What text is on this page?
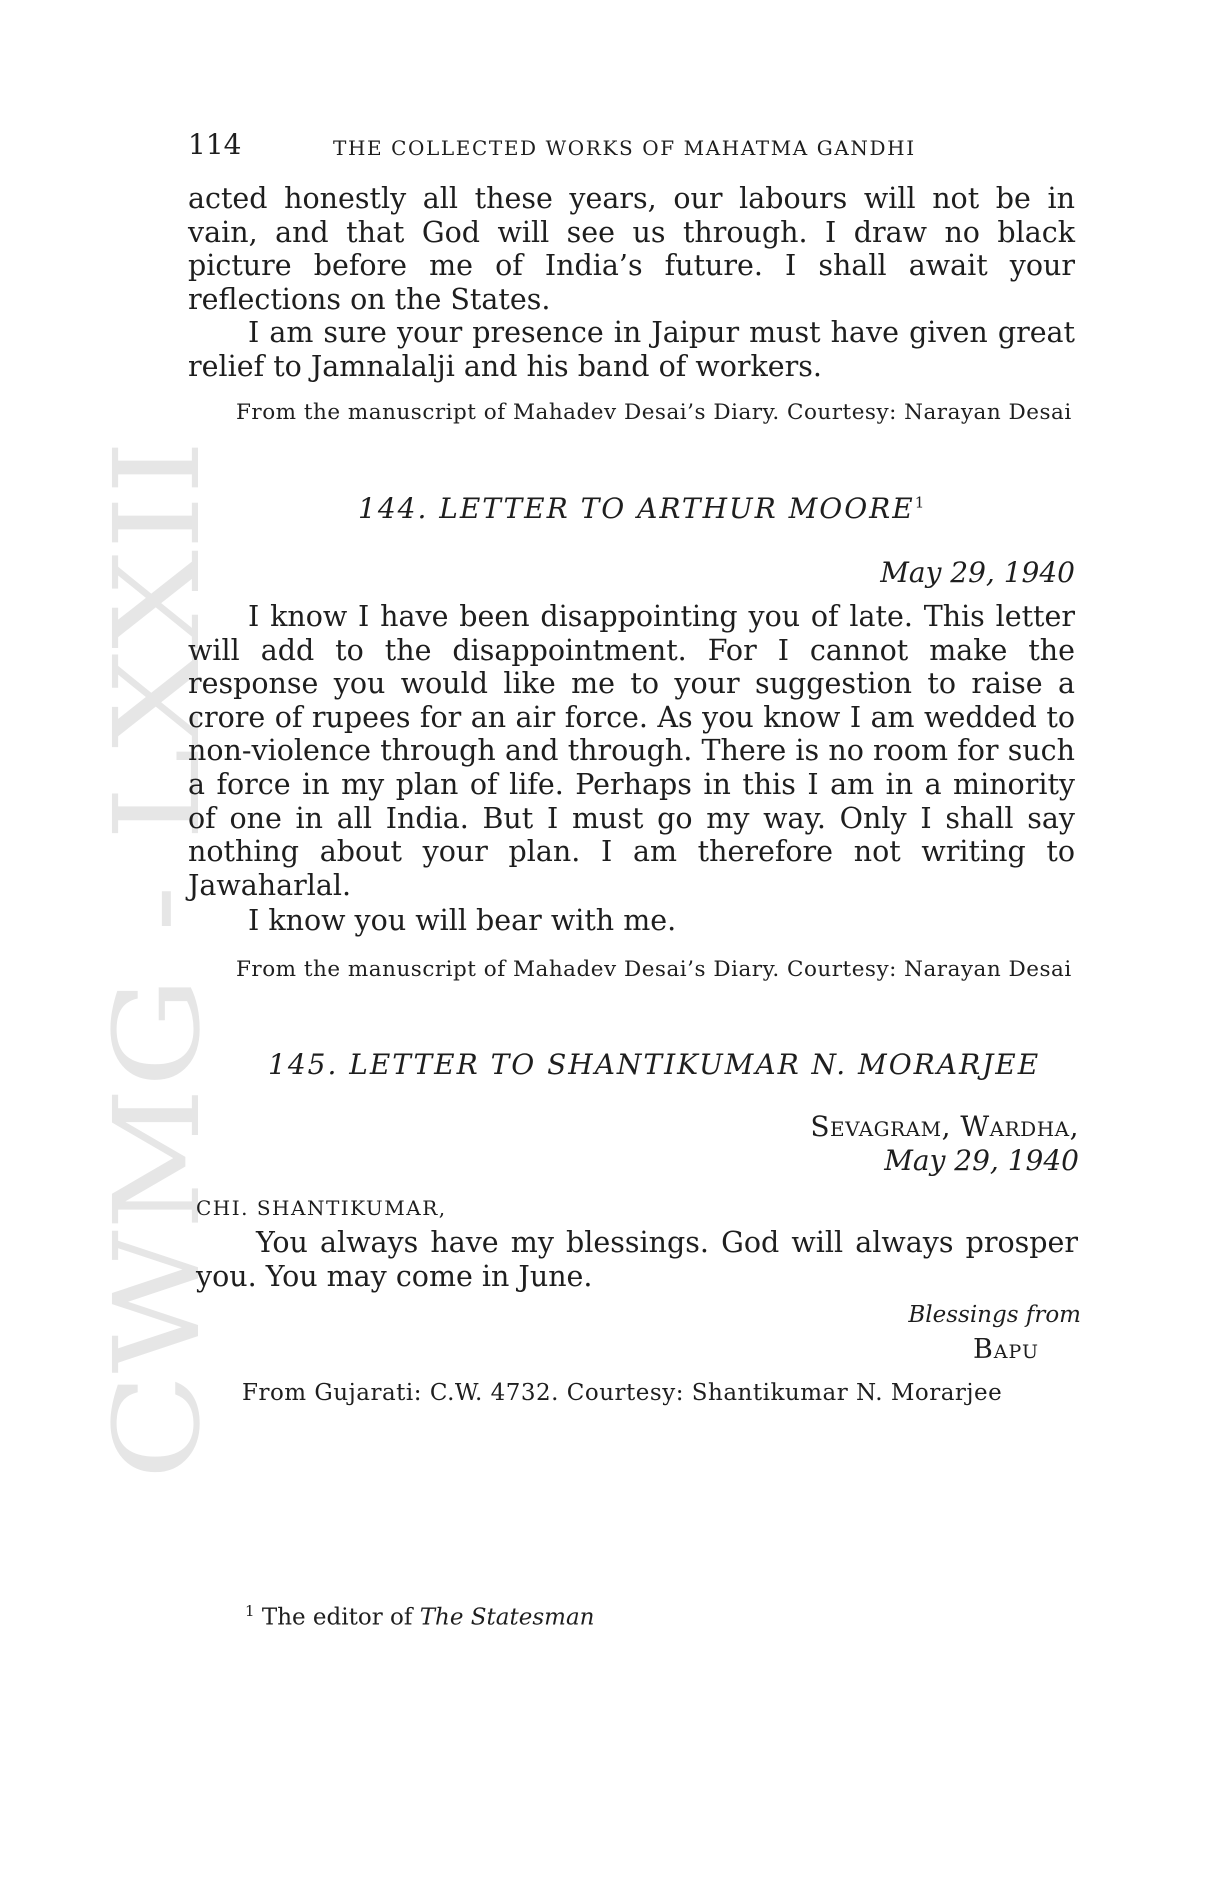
CWMG - LXXII

114	THE COLLECTED WORKS OF MAHATMA GANDHI

acted honestly all these years, our labours will not be in vain, and that God will see us through. I draw no black picture before me of India’s future. I shall await your reflections on the States.

I am sure your presence in Jaipur must have given great relief to Jamnalalji and his band of workers.

From the manuscript of Mahadev Desai’s Diary. Courtesy: Narayan Desai

144. LETTER TO ARTHUR MOORE$^1$

May 29, 1940

I know I have been disappointing you of late. This letter will add to the disappointment. For I cannot make the response you would like me to your suggestion to raise a crore of rupees for an air force. As you know I am wedded to non-violence through and through. There is no room for such a force in my plan of life. Perhaps in this I am in a minority of one in all India. But I must go my way. Only I shall say nothing about your plan. I am therefore not writing to Jawaharlal.

I know you will bear with me.

From the manuscript of Mahadev Desai’s Diary. Courtesy: Narayan Desai

145. LETTER TO SHANTIKUMAR N. MORARJEE

Sevagram, Wardha,

May 29, 1940

CHI. SHANTIKUMAR,

You always have my blessings. God will always prosper you. You may come in June.

Blessings from

Bapu

From Gujarati: C.W. 4732. Courtesy: Shantikumar N. Morarjee

$^1$ The editor of The Statesman
